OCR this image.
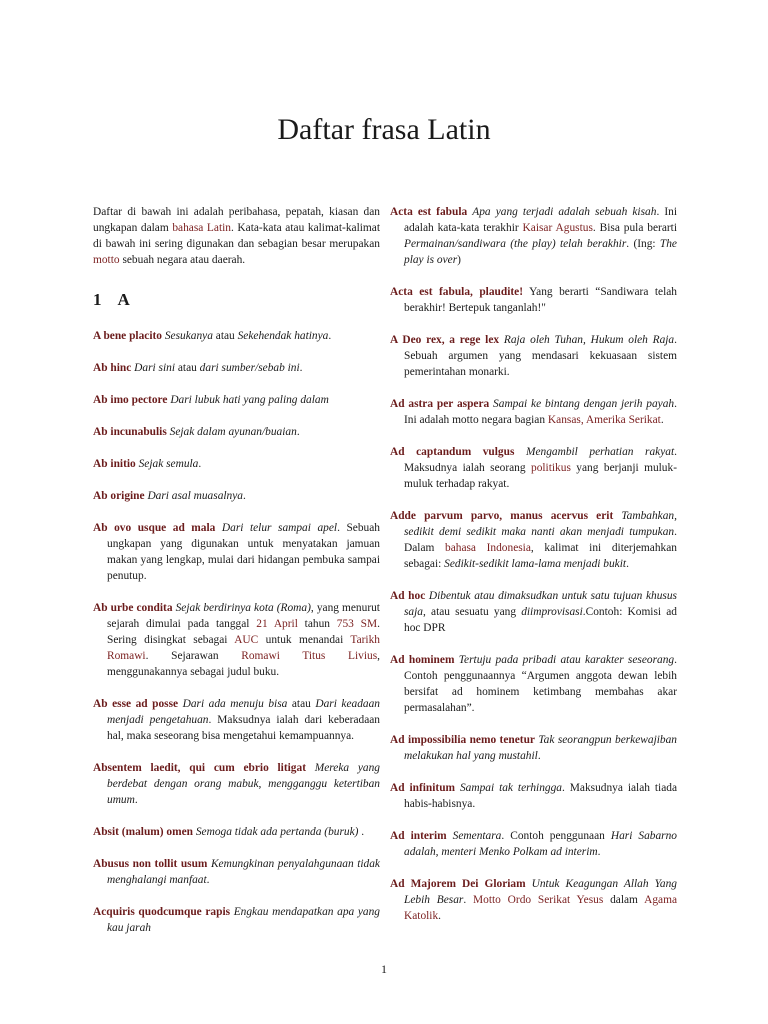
Daftar frasa Latin

Daftar di bawah ini adalah peribahasa, pepatah, kiasan dan ungkapan dalam bahasa Latin. Kata-kata atau kalimat-kalimat di bawah ini sering digunakan dan sebagian besar merupakan motto sebuah negara atau daerah.

1 A

A bene placito Sesukanya atau Sekehendak hatinya.

Ab hinc Dari sini atau dari sumber/sebab ini.

Ab imo pectore Dari lubuk hati yang paling dalam

Ab incunabulis Sejak dalam ayunan/buaian.

Ab initio Sejak semula.

Ab origine Dari asal muasalnya.

Ab ovo usque ad mala Dari telur sampai apel. Sebuah ungkapan yang digunakan untuk menyatakan jamuan makan yang lengkap, mulai dari hidangan pembuka sampai penutup.

Ab urbe condita Sejak berdirinya kota (Roma), yang menurut sejarah dimulai pada tanggal 21 April tahun 753 SM. Sering disingkat sebagai AUC untuk menandai Tarikh Romawi. Sejarawan Romawi Titus Livius, menggunakannya sebagai judul buku.

Ab esse ad posse Dari ada menuju bisa atau Dari keadaan menjadi pengetahuan. Maksudnya ialah dari keberadaan hal, maka seseorang bisa mengetahui kemampuannya.

Absentem laedit, qui cum ebrio litigat Mereka yang berdebat dengan orang mabuk, mengganggu ketertiban umum.

Absit (malum) omen Semoga tidak ada pertanda (buruk) .

Abusus non tollit usum Kemungkinan penyalahgunaan tidak menghalangi manfaat.

Acquiris quodcumque rapis Engkau mendapatkan apa yang kau jarah

Acta est fabula Apa yang terjadi adalah sebuah kisah. Ini adalah kata-kata terakhir Kaisar Agustus. Bisa pula berarti Permainan/sandiwara (the play) telah berakhir. (Ing: The play is over)

Acta est fabula, plaudite! Yang berarti “Sandiwara telah berakhir! Bertepuk tanganlah!"

A Deo rex, a rege lex Raja oleh Tuhan, Hukum oleh Raja. Sebuah argumen yang mendasari kekuasaan sistem pemerintahan monarki.

Ad astra per aspera Sampai ke bintang dengan jerih payah. Ini adalah motto negara bagian Kansas, Amerika Serikat.

Ad captandum vulgus Mengambil perhatian rakyat. Maksudnya ialah seorang politikus yang berjanji muluk-muluk terhadap rakyat.

Adde parvum parvo, manus acervus erit Tambahkan, sedikit demi sedikit maka nanti akan menjadi tumpukan. Dalam bahasa Indonesia, kalimat ini diterjemahkan sebagai: Sedikit-sedikit lama-lama menjadi bukit.

Ad hoc Dibentuk atau dimaksudkan untuk satu tujuan khusus saja, atau sesuatu yang diimprovisasi.Contoh: Komisi ad hoc DPR

Ad hominem Tertuju pada pribadi atau karakter seseorang. Contoh penggunaannya “Argumen anggota dewan lebih bersifat ad hominem ketimbang membahas akar permasalahan”.

Ad impossibilia nemo tenetur Tak seorangpun berkewajiban melakukan hal yang mustahil.

Ad infinitum Sampai tak terhingga. Maksudnya ialah tiada habis-habisnya.

Ad interim Sementara. Contoh penggunaan Hari Sabarno adalah, menteri Menko Polkam ad interim.

Ad Majorem Dei Gloriam Untuk Keagungan Allah Yang Lebih Besar. Motto Ordo Serikat Yesus dalam Agama Katolik.

1
